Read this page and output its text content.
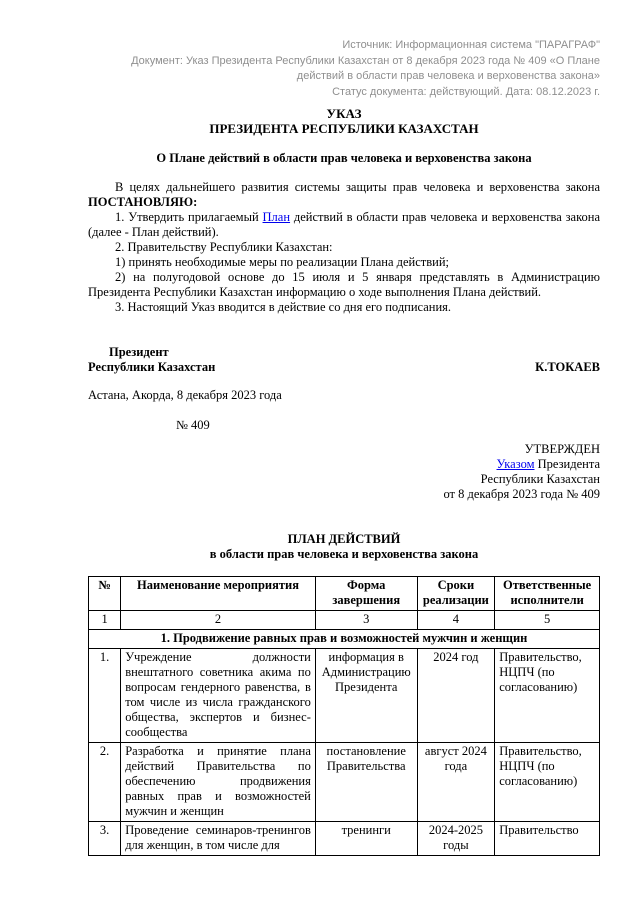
Источник: Информационная система "ПАРАГРАФ"
Документ: Указ Президента Республики Казахстан от 8 декабря 2023 года № 409 «О Плане действий в области прав человека и верховенства закона»
Статус документа: действующий. Дата: 08.12.2023 г.
УКАЗ
ПРЕЗИДЕНТА РЕСПУБЛИКИ КАЗАХСТАН
О Плане действий в области прав человека и верховенства закона

В целях дальнейшего развития системы защиты прав человека и верховенства закона ПОСТАНОВЛЯЮ:

1. Утвердить прилагаемый План действий в области прав человека и верховенства закона (далее - План действий).

2. Правительству Республики Казахстан:

1) принять необходимые меры по реализации Плана действий;

2) на полугодовой основе до 15 июля и 5 января представлять в Администрацию Президента Республики Казахстан информацию о ходе выполнения Плана действий.

3. Настоящий Указ вводится в действие со дня его подписания.

Президент
Республики Казахстан	К.ТОКАЕВ

Астана, Акорда, 8 декабря 2023 года

№ 409

УТВЕРЖДЕН
Указом Президента
Республики Казахстан
от 8 декабря 2023 года № 409
ПЛАН ДЕЙСТВИЙ
в области прав человека и верховенства закона
№	Наименование мероприятия	Форма завершения	Сроки реализации	Ответственные исполнители
1	2	3	4	5
1. Продвижение равных прав и возможностей мужчин и женщин				
1.	Учреждение должности внештатного советника акима по вопросам гендерного равенства, в том числе из числа гражданского общества, экспертов и бизнес-сообщества	информация в Администрацию Президента	2024 год	Правительство, НЦПЧ (по согласованию)
2.	Разработка и принятие плана действий Правительства по обеспечению продвижения равных прав и возможностей мужчин и женщин	постановление Правительства	август 2024 года	Правительство, НЦПЧ (по согласованию)
3.	Проведение семинаров-тренингов для женщин, в том числе для	тренинги	2024-2025 годы	Правительство
